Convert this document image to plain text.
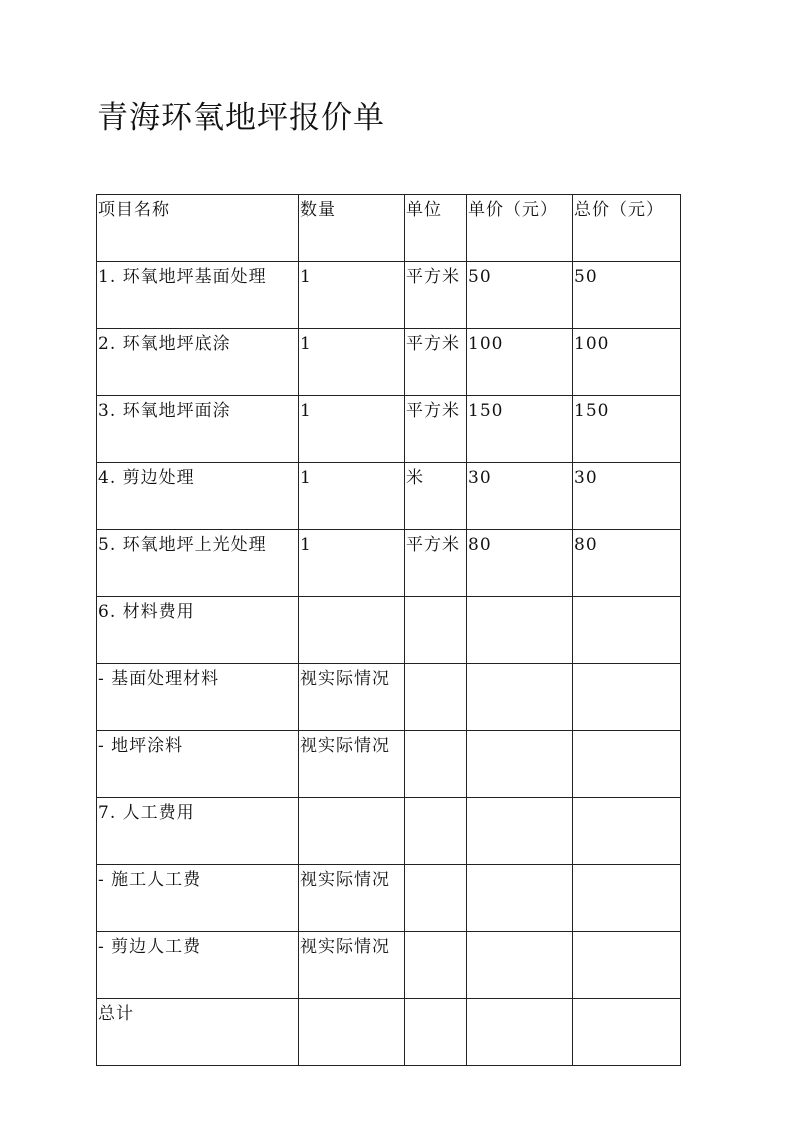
青海环氧地坪报价单
项目名称	数量	单位	单价（元）	总价（元）
1. 环氧地坪基面处理	1	平方米	50	50
2. 环氧地坪底涂	1	平方米	100	100
3. 环氧地坪面涂	1	平方米	150	150
4. 剪边处理	1	米	30	30
5. 环氧地坪上光处理	1	平方米	80	80
6. 材料费用				
- 基面处理材料	视实际情况			
- 地坪涂料	视实际情况			
7. 人工费用				
- 施工人工费	视实际情况			
- 剪边人工费	视实际情况			
总计				
